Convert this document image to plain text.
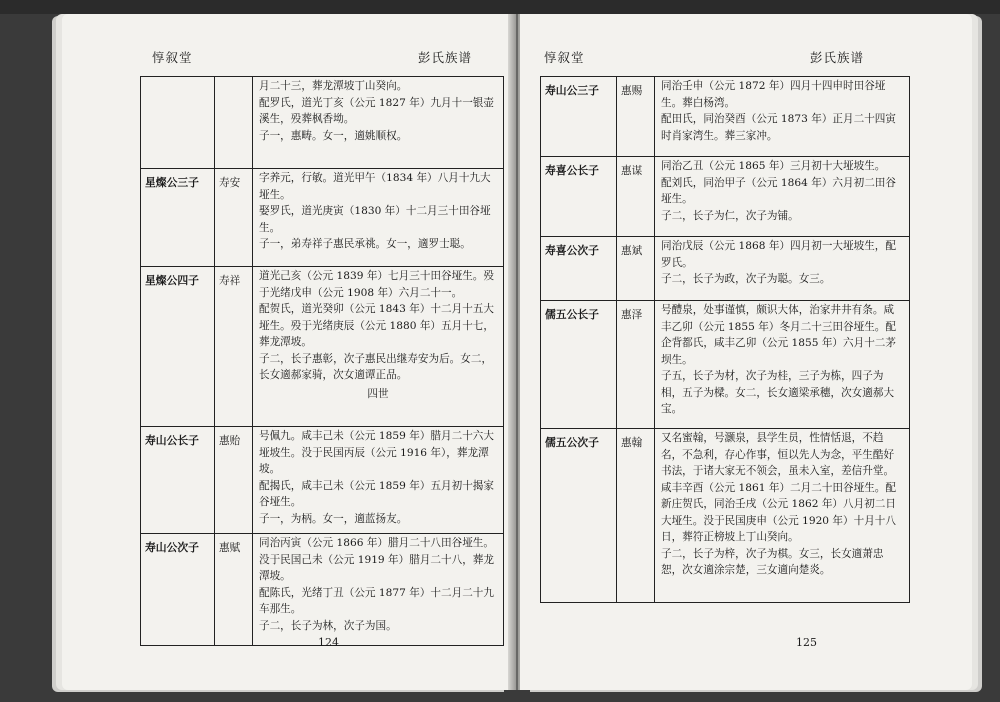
惇叙堂	彭氏族谱

		月二十三，葬龙潭坡丁山癸向。
配罗氏，道光丁亥（公元 1827 年）九月十一银壶溪生，殁葬枫香坳。
子一，惠畴。女一，適姚顺权。

星燦公三子	寿安	字养元，行敏。道光甲午（1834 年）八月十九大垭生。
娶罗氏，道光庚寅（1830 年）十二月三十田谷垭生。
子一，弟寿祥子惠民承祧。女一，適罗士聪。

星燦公四子	寿祥	道光己亥（公元 1839 年）七月三十田谷垭生。殁于光绪戊申（公元 1908 年）六月二十一。
配贺氏，道光癸卯（公元 1843 年）十二月十五大垭生。殁于光绪庚辰（公元 1880 年）五月十七，葬龙潭坡。
子二，长子惠彰，次子惠民出继寿安为后。女二，长女適郝家骑，次女適谭正品。
四世

寿山公长子	惠贻	号佩九。咸丰己未（公元 1859 年）腊月二十六大垭坡生。没于民国丙辰（公元 1916 年），葬龙潭坡。
配揭氏，咸丰己未（公元 1859 年）五月初十揭家谷垭生。
子一，为柄。女一，適蓝扬友。

寿山公次子	惠赋	同治丙寅（公元 1866 年）腊月二十八田谷垭生。没于民国己未（公元 1919 年）腊月二十八，葬龙潭坡。
配陈氏，光绪丁丑（公元 1877 年）十二月二十九车那生。
子二，长子为林，次子为国。
124
惇叙堂	彭氏族谱
寿山公三子	惠赐	同治壬申（公元 1872 年）四月十四申时田谷垭生。葬白杨湾。
配田氏，同治癸酉（公元 1873 年）正月二十四寅时肖家湾生。葬三家冲。

寿喜公长子	惠谋	同治乙丑（公元 1865 年）三月初十大垭坡生。
配刘氏，同治甲子（公元 1864 年）六月初二田谷垭生。
子二，长子为仁，次子为铺。

寿喜公次子	惠斌	同治戊辰（公元 1868 年）四月初一大垭坡生，配罗氏。
子二，长子为政，次子为聪。女三。

儒五公长子	惠泽	号醴泉，处事谨慎，颇识大体，治家井井有条。咸丰乙卯（公元 1855 年）冬月二十三田谷垭生。配企背都氏，咸丰乙卯（公元 1855 年）六月十二茅坝生。
子五，长子为材，次子为桂，三子为栋，四子为相，五子为樑。女二，长女適梁承穗，次女適郝大宝。

儒五公次子	惠翰	又名蜜翰，号灏泉，县学生员，性情恬退，不趋名，不急利，存心作事，恒以先人为念，平生酷好书法，于诸大家无不领会，虽未入室，差信升堂。咸丰辛酉（公元 1861 年）二月二十田谷垭生。配新庄贺氏，同治壬戌（公元 1862 年）八月初二日大垭生。没于民国庚申（公元 1920 年）十月十八日，葬符正榜坡上丁山癸向。
子二，长子为梓，次子为棋。女三，长女適萧忠恕，次女適涂宗楚，三女適向楚炎。
125
